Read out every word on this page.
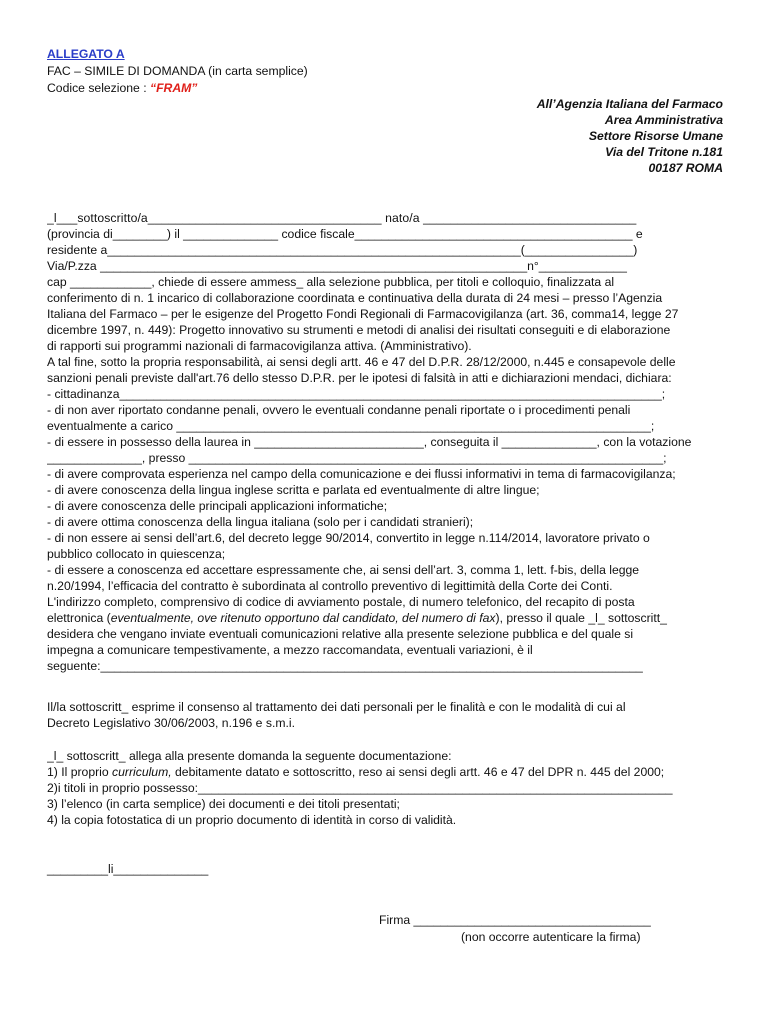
ALLEGATO A
FAC – SIMILE DI DOMANDA (in carta semplice)
Codice selezione : “FRAM”
All’Agenzia Italiana del Farmaco
Area Amministrativa
Settore Risorse Umane
Via del Tritone n.181
00187 ROMA
_l___sottoscritto/a__________________________________ nato/a _______________________________
(provincia di________) il ______________ codice fiscale_________________________________________ e
residente a_____________________________________________________________(________________)
Via/P.zza _______________________________________________________________n°_____________
cap ____________, chiede di essere ammess_ alla selezione pubblica, per titoli e colloquio, finalizzata al
conferimento di n. 1 incarico di collaborazione coordinata e continuativa della durata di 24 mesi – presso l’Agenzia
Italiana del Farmaco – per le esigenze del Progetto Fondi Regionali di Farmacovigilanza (art. 36, comma14, legge 27
dicembre 1997, n. 449): Progetto innovativo su strumenti e metodi di analisi dei risultati conseguiti e di elaborazione
di rapporti sui programmi nazionali di farmacovigilanza attiva. (Amministrativo).
A tal fine, sotto la propria responsabilità, ai sensi degli artt. 46 e 47 del D.P.R. 28/12/2000, n.445 e consapevole delle
sanzioni penali previste dall'art.76 dello stesso D.P.R. per le ipotesi di falsità in atti e dichiarazioni mendaci, dichiara:
- cittadinanza________________________________________________________________________________;
- di non aver riportato condanne penali, ovvero le eventuali condanne penali riportate o i procedimenti penali
eventualmente a carico ______________________________________________________________________;
- di essere in possesso della laurea in _________________________, conseguita il ______________, con la votazione
______________, presso ______________________________________________________________________;
- di avere comprovata esperienza nel campo della comunicazione e dei flussi informativi in tema di farmacovigilanza;
- di avere conoscenza della lingua inglese scritta e parlata ed eventualmente di altre lingue;
- di avere conoscenza delle principali applicazioni informatiche;
- di avere ottima conoscenza della lingua italiana (solo per i candidati stranieri);
- di non essere ai sensi dell’art.6, del decreto legge 90/2014, convertito in legge n.114/2014, lavoratore privato o
pubblico collocato in quiescenza;
- di essere a conoscenza ed accettare espressamente che, ai sensi dell’art. 3, comma 1, lett. f-bis, della legge
n.20/1994, l’efficacia del contratto è subordinata al controllo preventivo di legittimità della Corte dei Conti.
L'indirizzo completo, comprensivo di codice di avviamento postale, di numero telefonico, del recapito di posta
elettronica (eventualmente, ove ritenuto opportuno dal candidato, del numero di fax), presso il quale _l_ sottoscritt_
desidera che vengano inviate eventuali comunicazioni relative alla presente selezione pubblica e del quale si
impegna a comunicare tempestivamente, a mezzo raccomandata, eventuali variazioni, è il
seguente:________________________________________________________________________________
Il/la sottoscritt_ esprime il consenso al trattamento dei dati personali per le finalità e con le modalità di cui al
Decreto Legislativo 30/06/2003, n.196 e s.m.i.
_l_ sottoscritt_ allega alla presente domanda la seguente documentazione:
1) Il proprio curriculum, debitamente datato e sottoscritto, reso ai sensi degli artt. 46 e 47 del DPR n. 445 del 2000;
2)i titoli in proprio possesso:______________________________________________________________________
3) l’elenco (in carta semplice) dei documenti e dei titoli presentati;
4) la copia fotostatica di un proprio documento di identità in corso di validità.
_________li______________
Firma ___________________________________
(non occorre autenticare la firma)
